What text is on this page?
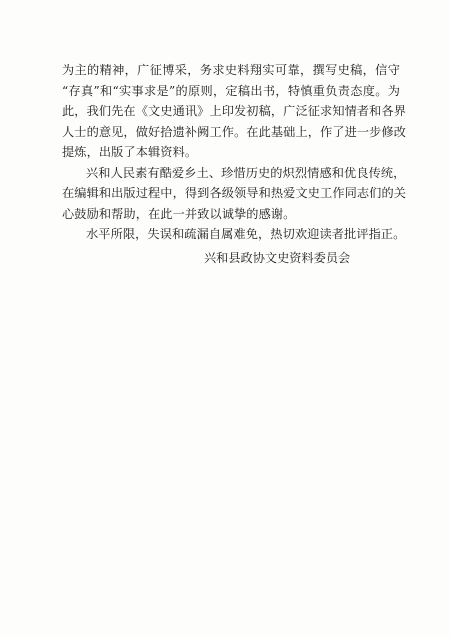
为主的精神，广征博采，务求史料翔实可靠，撰写史稿，信守
“存真”和“实事求是”的原则，定稿出书，特慎重负责态度。为
此，我们先在《文史通讯》上印发初稿，广泛征求知情者和各界
人士的意见，做好拾遗补阙工作。在此基础上，作了进一步修改
提炼，出版了本辑资料。
兴和人民素有酷爱乡土、珍惜历史的炽烈情感和优良传统，
在编辑和出版过程中，得到各级领导和热爱文史工作同志们的关
心鼓励和帮助，在此一并致以诚挚的感谢。
水平所限，失误和疏漏自属难免，热切欢迎读者批评指正。
兴和县政协文史资料委员会
